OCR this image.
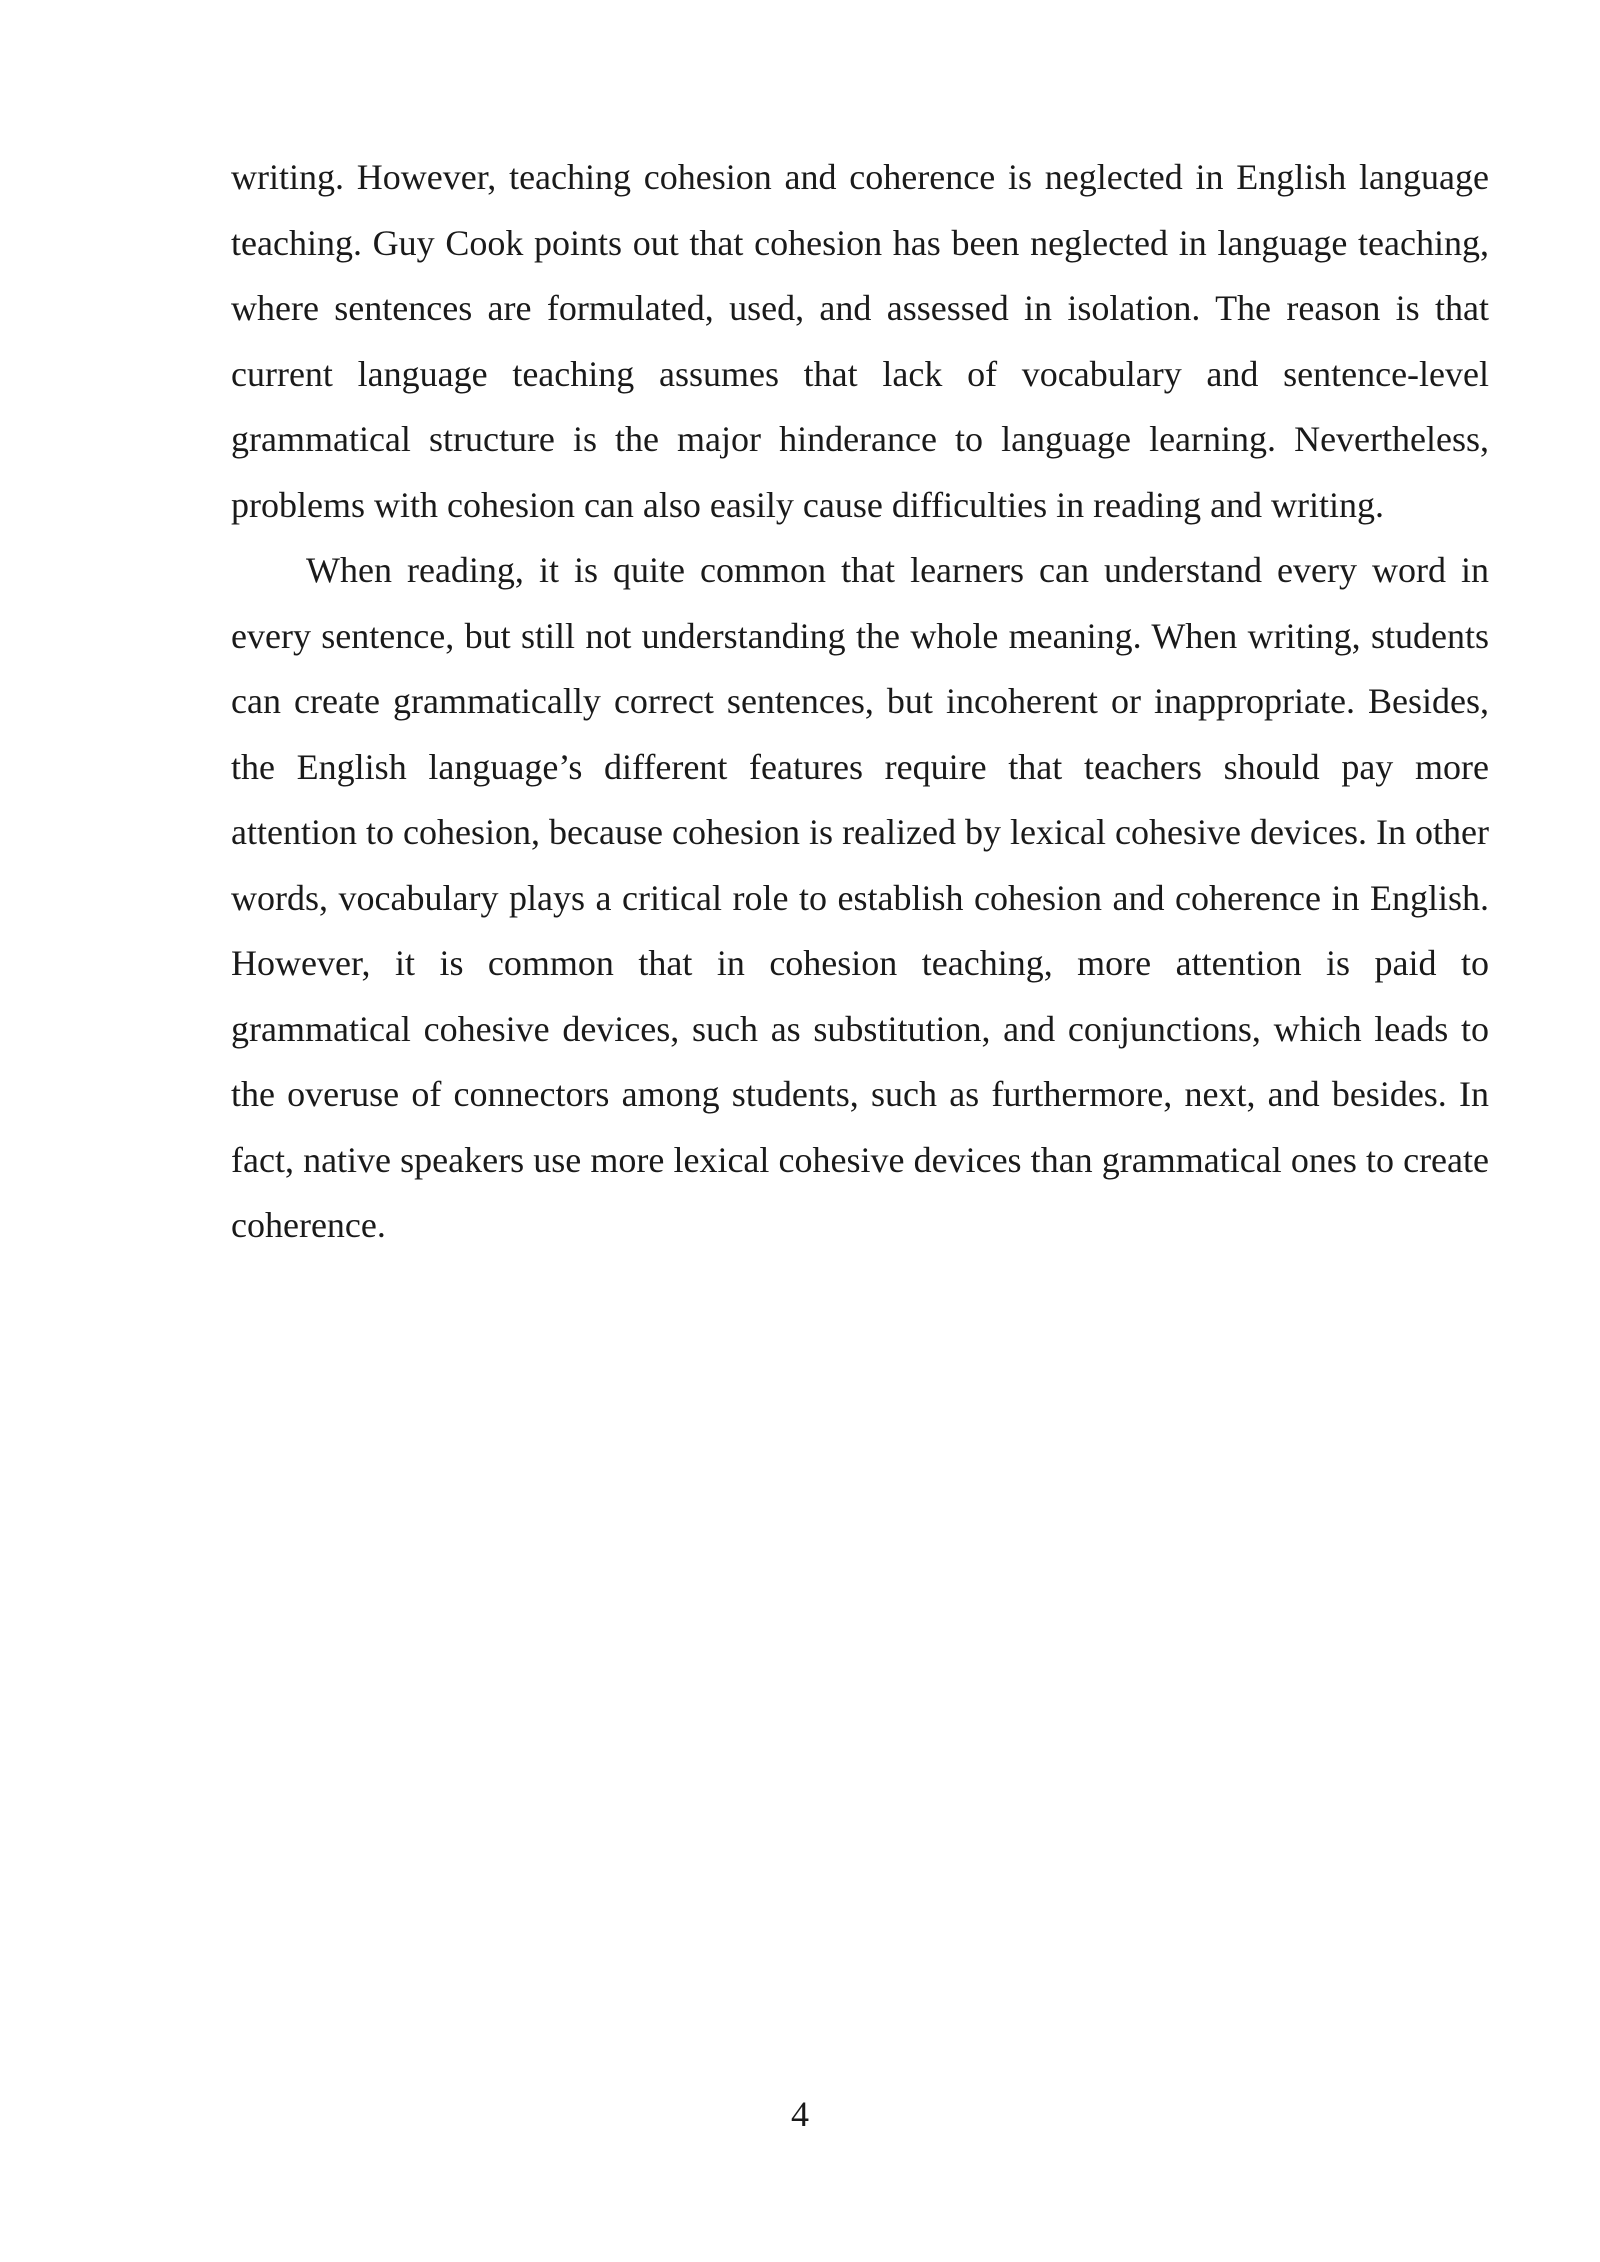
writing. However, teaching cohesion and coherence is neglected in English language teaching. Guy Cook points out that cohesion has been neglected in language teaching, where sentences are formulated, used, and assessed in isolation. The reason is that current language teaching assumes that lack of vocabulary and sentence-level grammatical structure is the major hinderance to language learning. Nevertheless, problems with cohesion can also easily cause difficulties in reading and writing.

When reading, it is quite common that learners can understand every word in every sentence, but still not understanding the whole meaning. When writing, students can create grammatically correct sentences, but incoherent or inappropriate. Besides, the English language’s different features require that teachers should pay more attention to cohesion, because cohesion is realized by lexical cohesive devices. In other words, vocabulary plays a critical role to establish cohesion and coherence in English. However, it is common that in cohesion teaching, more attention is paid to grammatical cohesive devices, such as substitution, and conjunctions, which leads to the overuse of connectors among students, such as furthermore, next, and besides. In fact, native speakers use more lexical cohesive devices than grammatical ones to create coherence.

4
